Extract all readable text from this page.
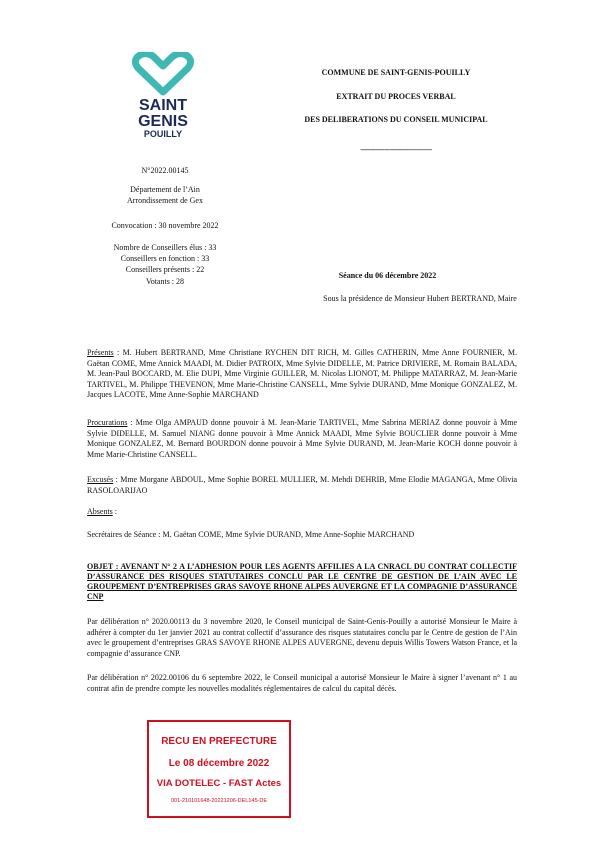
SAINT
GENIS
POUILLY
COMMUNE DE SAINT-GENIS-POUILLY
EXTRAIT DU PROCES VERBAL
DES DELIBERATIONS DU CONSEIL MUNICIPAL
---------------------------------
N°2022.00145
Département de l’Ain
Arrondissement de Gex
Convocation : 30 novembre 2022
Nombre de Conseillers élus : 33
Conseillers en fonction : 33
Conseillers présents : 22
Votants : 28
Séance du 06 décembre 2022
Sous la présidence de Monsieur Hubert BERTRAND, Maire
Présents : M. Hubert BERTRAND, Mme Christiane RYCHEN DIT RICH, M. Gilles CATHERIN, Mme Anne FOURNIER, M. Gaëtan COME, Mme Annick MAADI, M. Didier PATROIX, Mme Sylvie DIDELLE, M. Patrice DRIVIERE, M. Romain BALADA, M. Jean-Paul BOCCARD, M. Elie DUPI, Mme Virginie GUILLER, M. Nicolas LIONOT, M. Philippe MATARRAZ, M. Jean-Marie TARTIVEL, M. Philippe THEVENON, Mme Marie-Christine CANSELL, Mme Sylvie DURAND, Mme Monique GONZALEZ, M. Jacques LACOTE, Mme Anne-Sophie MARCHAND
Procurations : Mme Olga AMPAUD donne pouvoir à M. Jean-Marie TARTIVEL, Mme Sabrina MERIAZ donne pouvoir à Mme Sylvie DIDELLE, M. Samuel NIANG donne pouvoir à Mme Annick MAADI, Mme Sylvie BOUCLIER donne pouvoir à Mme Monique GONZALEZ, M. Bernard BOURDON donne pouvoir à Mme Sylvie DURAND, M. Jean-Marie KOCH donne pouvoir à Mme Marie-Christine CANSELL.
Excusés : Mme Morgane ABDOUL, Mme Sophie BOREL MULLIER, M. Mehdi DEHRIB, Mme Elodie MAGANGA, Mme Olivia RASOLOARIJAO
Absents :
Secrétaires de Séance : M. Gaëtan COME, Mme Sylvie DURAND, Mme Anne-Sophie MARCHAND
OBJET : AVENANT N° 2 A L’ADHESION POUR LES AGENTS AFFILIES A LA CNRACL DU CONTRAT COLLECTIF D’ASSURANCE DES RISQUES STATUTAIRES CONCLU PAR LE CENTRE DE GESTION DE L’AIN AVEC LE GROUPEMENT D’ENTREPRISES GRAS SAVOYE RHONE ALPES AUVERGNE ET LA COMPAGNIE D’ASSURANCE CNP
Par délibération n° 2020.00113 du 3 novembre 2020, le Conseil municipal de Saint-Genis-Pouilly a autorisé Monsieur le Maire à adhérer à compter du 1er janvier 2021 au contrat collectif d’assurance des risques statutaires conclu par le Centre de gestion de l’Ain avec le groupement d’entreprises GRAS SAVOYE RHONE ALPES AUVERGNE, devenu depuis Willis Towers Watson France, et la compagnie d’assurance CNP.
Par délibération n° 2022.00106 du 6 septembre 2022, le Conseil municipal a autorisé Monsieur le Maire à signer l’avenant n° 1 au contrat afin de prendre compte les nouvelles modalités réglementaires de calcul du capital décès.
RECU EN PREFECTURE
Le 08 décembre 2022
VIA DOTELEC - FAST Actes
001-210101648-20221206-DEL145-DE
